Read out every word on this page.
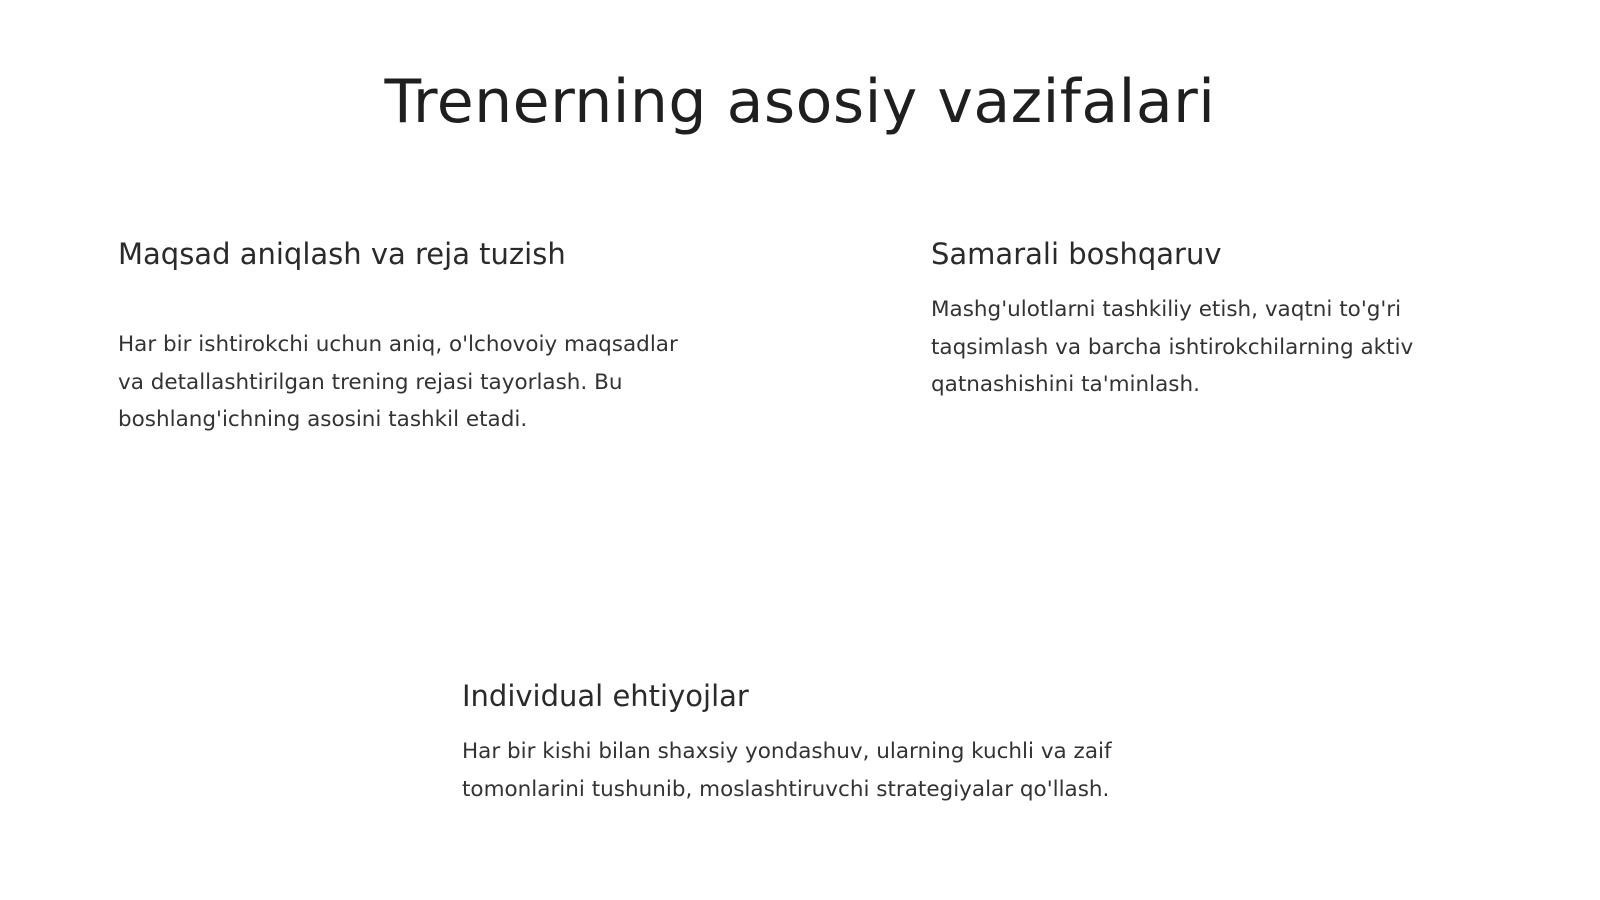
Trenerning asosiy vazifalari
Maqsad aniqlash va reja tuzish

Har bir ishtirokchi uchun aniq, o'lchovoiy maqsadlar
va detallashtirilgan trening rejasi tayorlash. Bu
boshlang'ichning asosini tashkil etadi.

Samarali boshqaruv

Mashg'ulotlarni tashkiliy etish, vaqtni to'g'ri
taqsimlash va barcha ishtirokchilarning aktiv
qatnashishini ta'minlash.

Individual ehtiyojlar

Har bir kishi bilan shaxsiy yondashuv, ularning kuchli va zaif
tomonlarini tushunib, moslashtiruvchi strategiyalar qo'llash.
